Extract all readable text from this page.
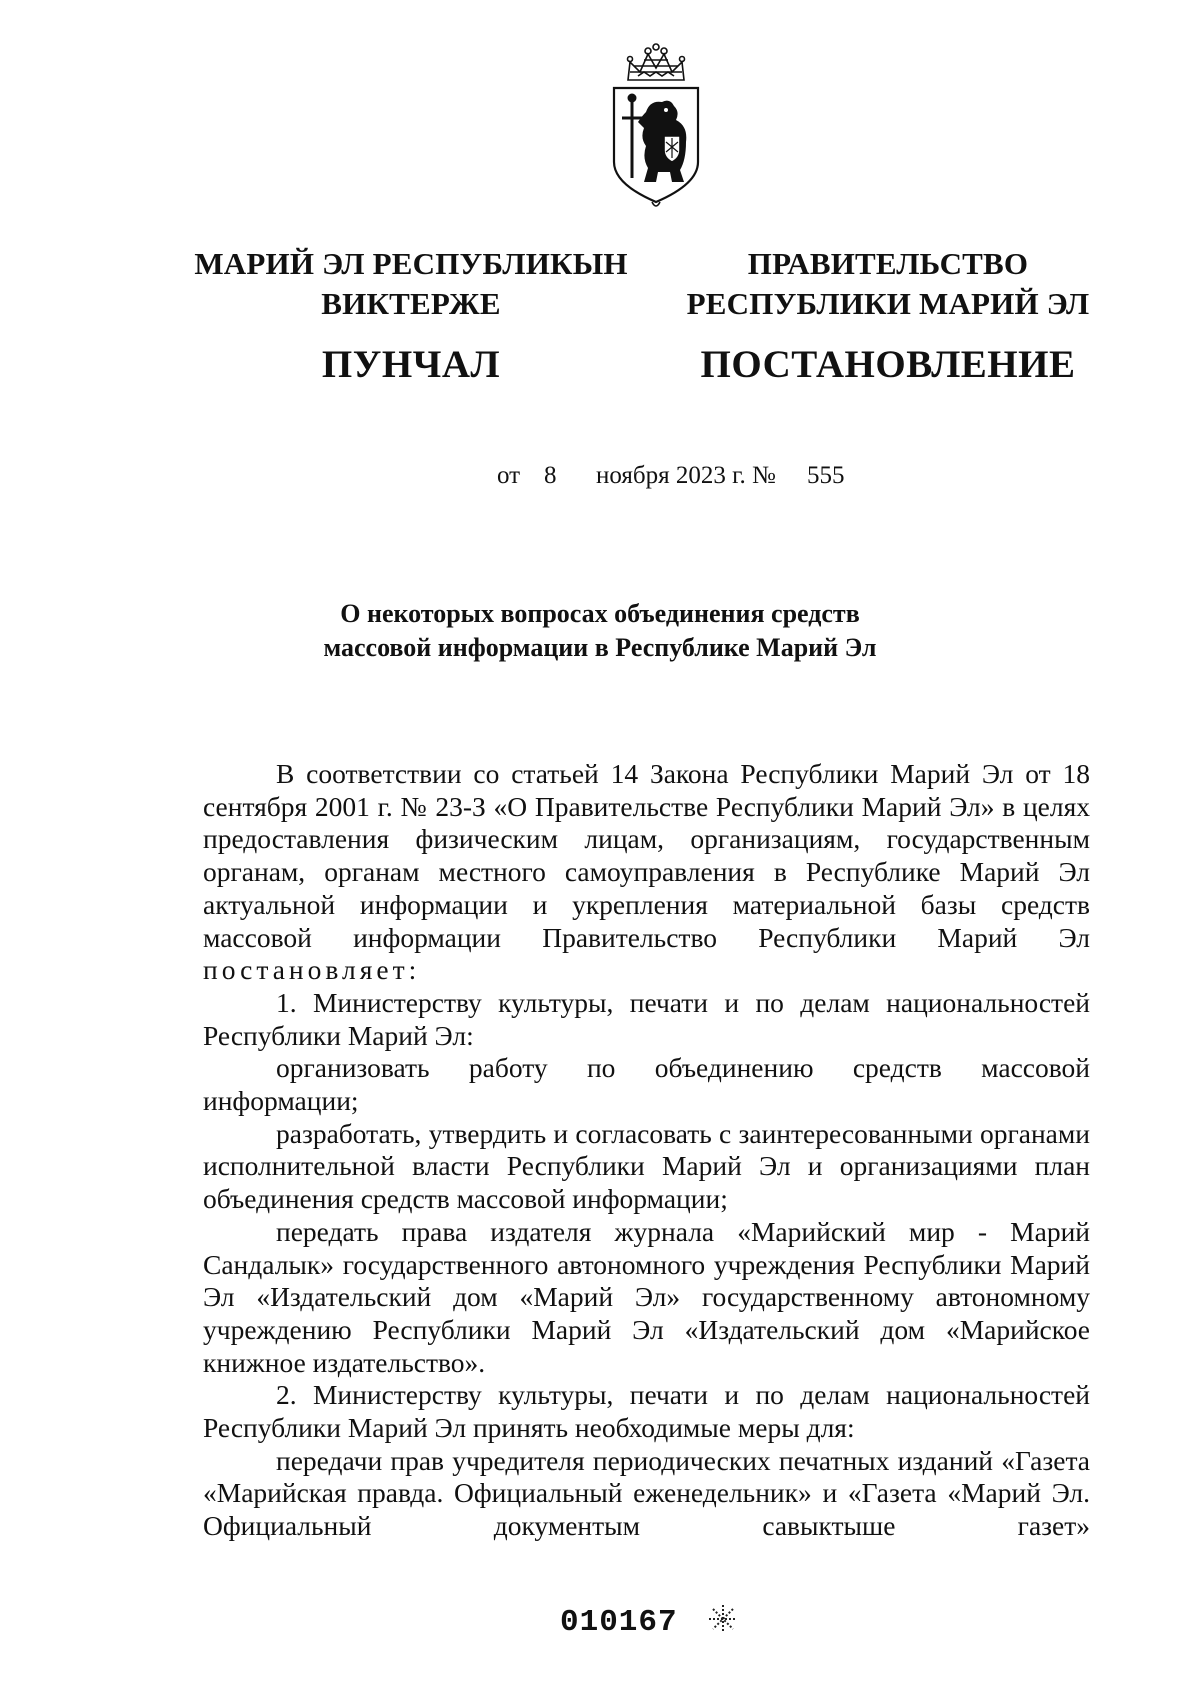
МАРИЙ ЭЛ РЕСПУБЛИКЫН
ВИКТЕРЖЕ
ПУНЧАЛ
ПРАВИТЕЛЬСТВО
РЕСПУБЛИКИ МАРИЙ ЭЛ
ПОСТАНОВЛЕНИЕ
от 8 ноября 2023 г. № 555
О некоторых вопросах объединения средств
массовой информации в Республике Марий Эл

В соответствии со статьей 14 Закона Республики Марий Эл от 18 сентября 2001 г. № 23-З «О Правительстве Республики Марий Эл» в целях предоставления физическим лицам, организациям, государственным органам, органам местного самоуправления в Республике Марий Эл актуальной информации и укрепления материальной базы средств массовой информации Правительство Республики Марий Эл постановляет:

1. Министерству культуры, печати и по делам национальностей Республики Марий Эл:

организовать работу по объединению средств массовой информации;

разработать, утвердить и согласовать с заинтересованными органами исполнительной власти Республики Марий Эл и организациями план объединения средств массовой информации;

передать права издателя журнала «Марийский мир - Марий Сандалык» государственного автономного учреждения Республики Марий Эл «Издательский дом «Марий Эл» государственному автономному учреждению Республики Марий Эл «Издательский дом «Марийское книжное издательство».

2. Министерству культуры, печати и по делам национальностей Республики Марий Эл принять необходимые меры для:

передачи прав учредителя периодических печатных изданий «Газета «Марийская правда. Официальный еженедельник» и «Газета «Марий Эл. Официальный документым савыктыше газет»

010167
